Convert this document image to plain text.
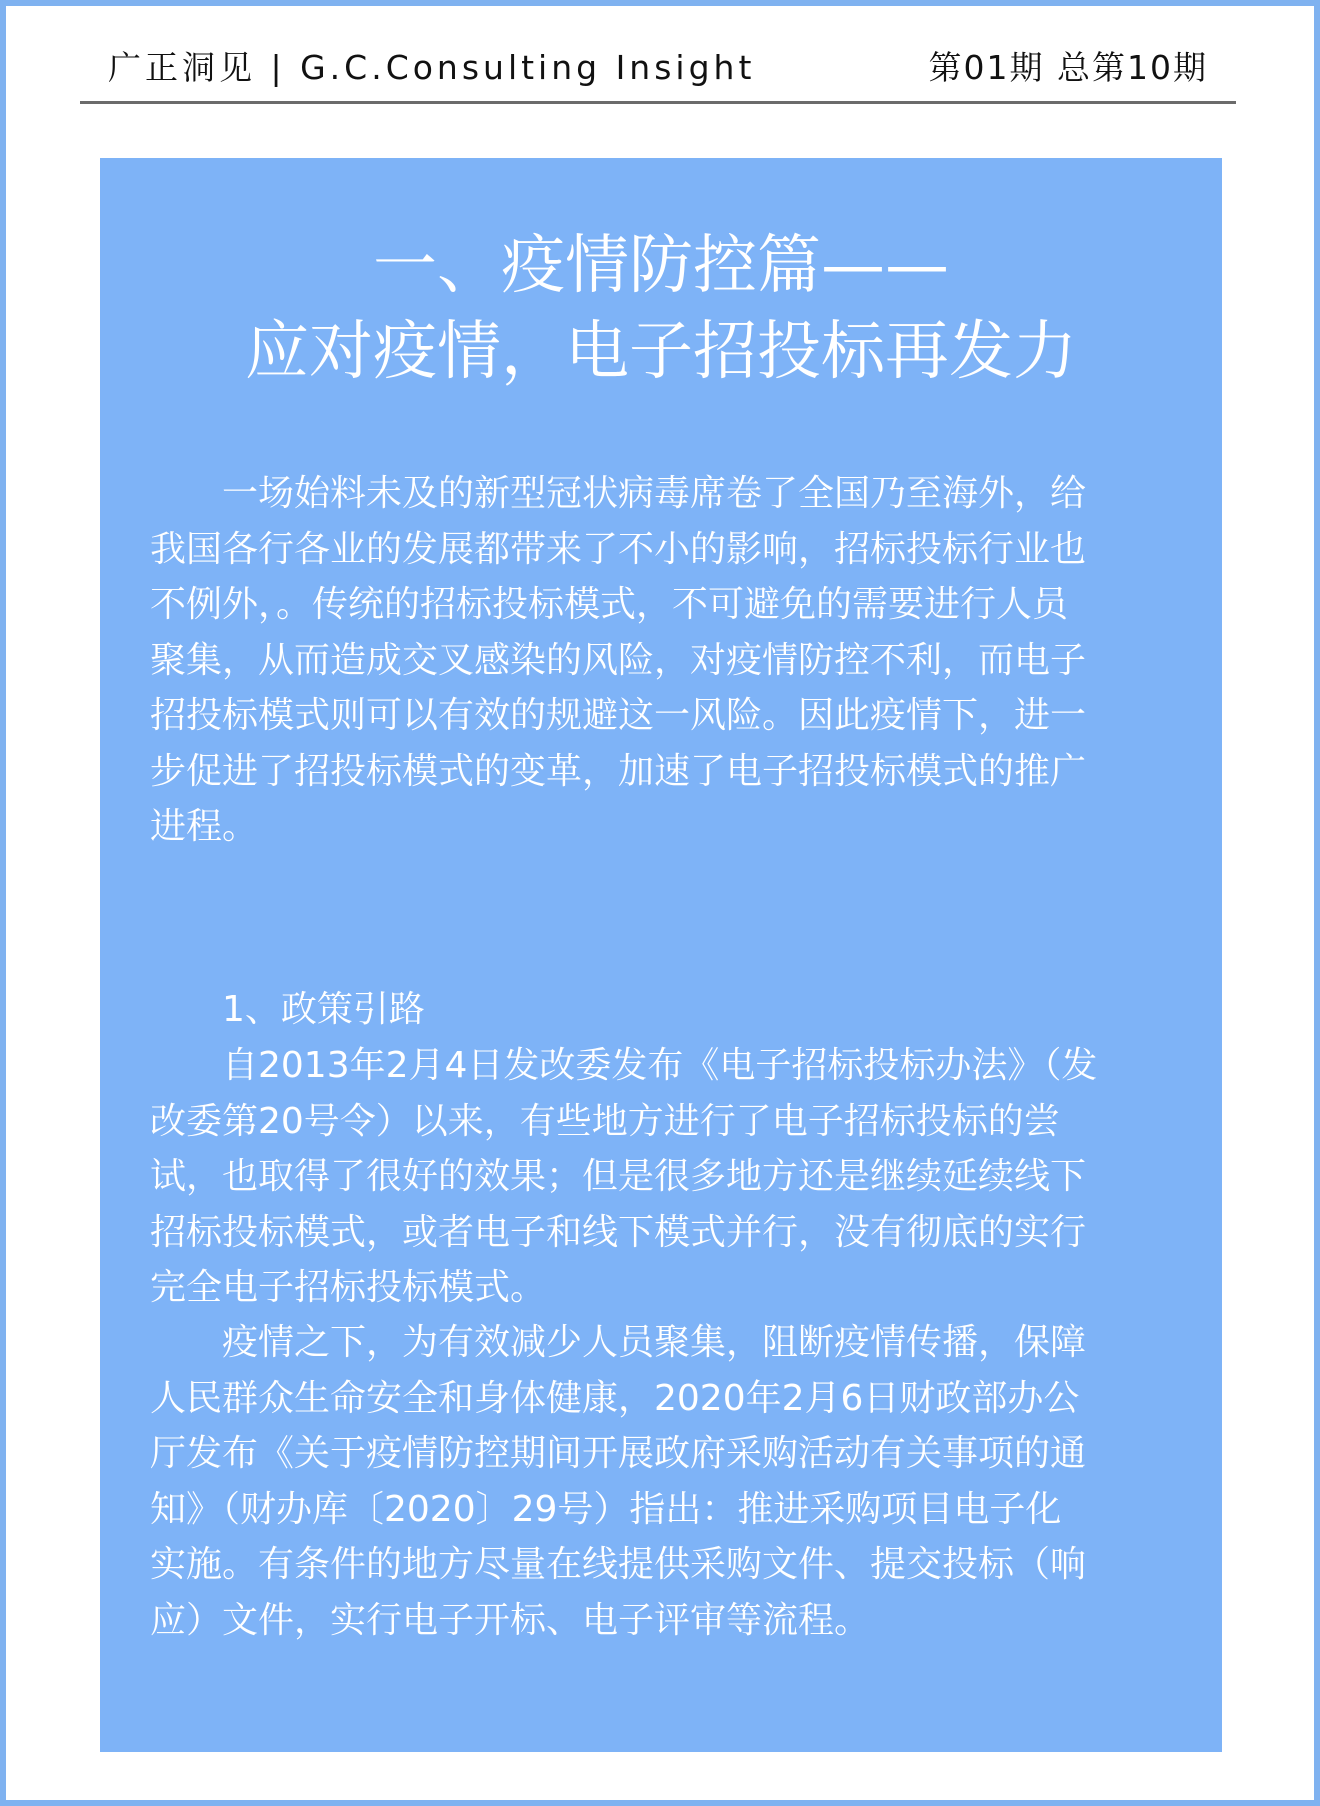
广正洞见 | G.C.Consulting Insight	第01期 总第10期
一、疫情防控篇——
应对疫情，电子招投标再发力
　　一场始料未及的新型冠状病毒席卷了全国乃至海外，给
我国各行各业的发展都带来了不小的影响，招标投标行业也
不例外，。传统的招标投标模式，不可避免的需要进行人员
聚集，从而造成交叉感染的风险，对疫情防控不利，而电子
招投标模式则可以有效的规避这一风险。因此疫情下，进一
步促进了招投标模式的变革，加速了电子招投标模式的推广
进程。
　　1、政策引路
　　自2013年2月4日发改委发布《电子招标投标办法》（发
改委第20号令）以来，有些地方进行了电子招标投标的尝
试，也取得了很好的效果；但是很多地方还是继续延续线下
招标投标模式，或者电子和线下模式并行，没有彻底的实行
完全电子招标投标模式。
　　疫情之下，为有效减少人员聚集，阻断疫情传播，保障
人民群众生命安全和身体健康，2020年2月6日财政部办公
厅发布《关于疫情防控期间开展政府采购活动有关事项的通
知》（财办库〔2020〕29号）指出：推进采购项目电子化
实施。有条件的地方尽量在线提供采购文件、提交投标（响
应）文件，实行电子开标、电子评审等流程。
